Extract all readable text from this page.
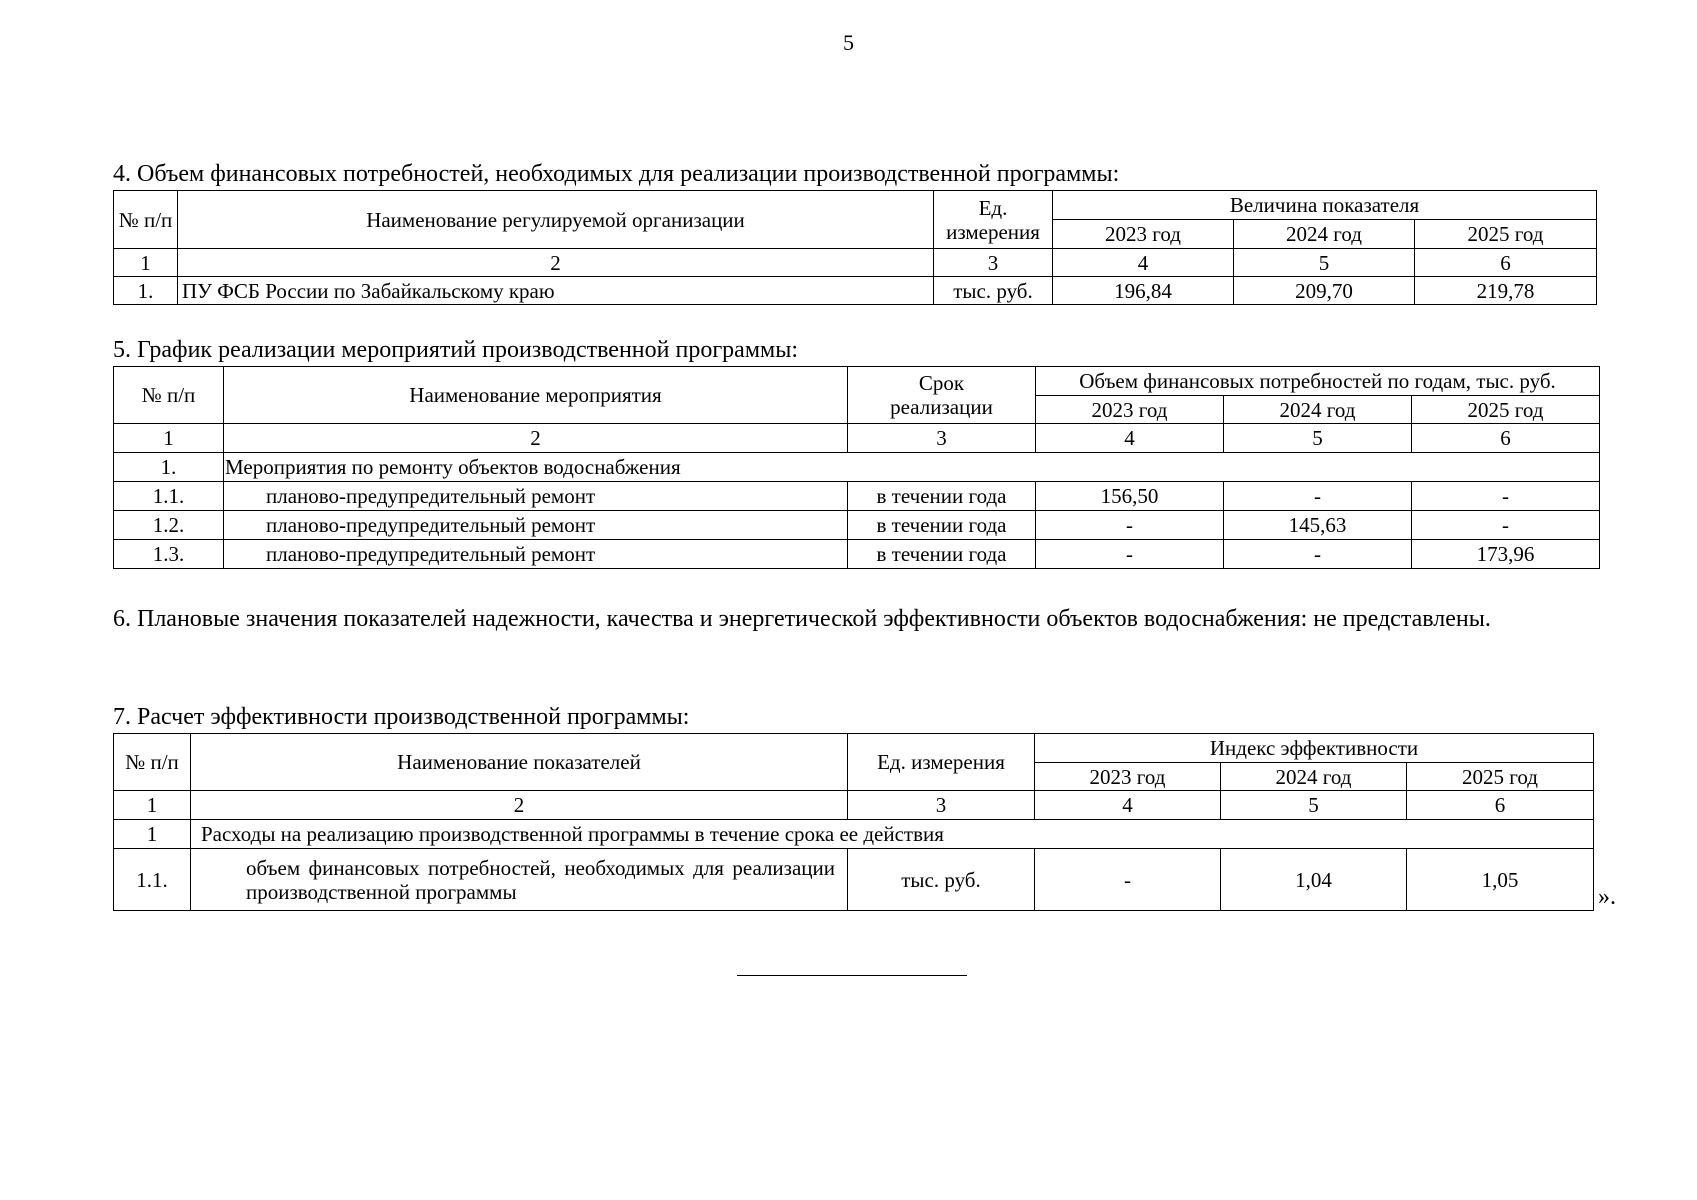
5
4. Объем финансовых потребностей, необходимых для реализации производственной программы:
№ п/п	Наименование регулируемой организации	Ед. измерения	Величина показателя		
			2023 год	2024 год	2025 год
1	2	3	4	5	6
1.	ПУ ФСБ России по Забайкальскому краю	тыс. руб.	196,84	209,70	219,78
5. График реализации мероприятий производственной программы:
№ п/п	Наименование мероприятия	Срок реализации	Объем финансовых потребностей по годам, тыс. руб.		
			2023 год	2024 год	2025 год
1	2	3	4	5	6
1.	Мероприятия по ремонту объектов водоснабжения				
1.1.	планово-предупредительный ремонт	в течении года	156,50	-	-
1.2.	планово-предупредительный ремонт	в течении года	-	145,63	-
1.3.	планово-предупредительный ремонт	в течении года	-	-	173,96
6. Плановые значения показателей надежности, качества и энергетической эффективности объектов водоснабжения: не представлены.
7. Расчет эффективности производственной программы:
№ п/п	Наименование показателей	Ед. измерения	Индекс эффективности		
			2023 год	2024 год	2025 год
1	2	3	4	5	6
1	Расходы на реализацию производственной программы в течение срока ее действия				
1.1.	объем финансовых потребностей, необходимых для реализации производственной программы	тыс. руб.	-	1,04	1,05
».
